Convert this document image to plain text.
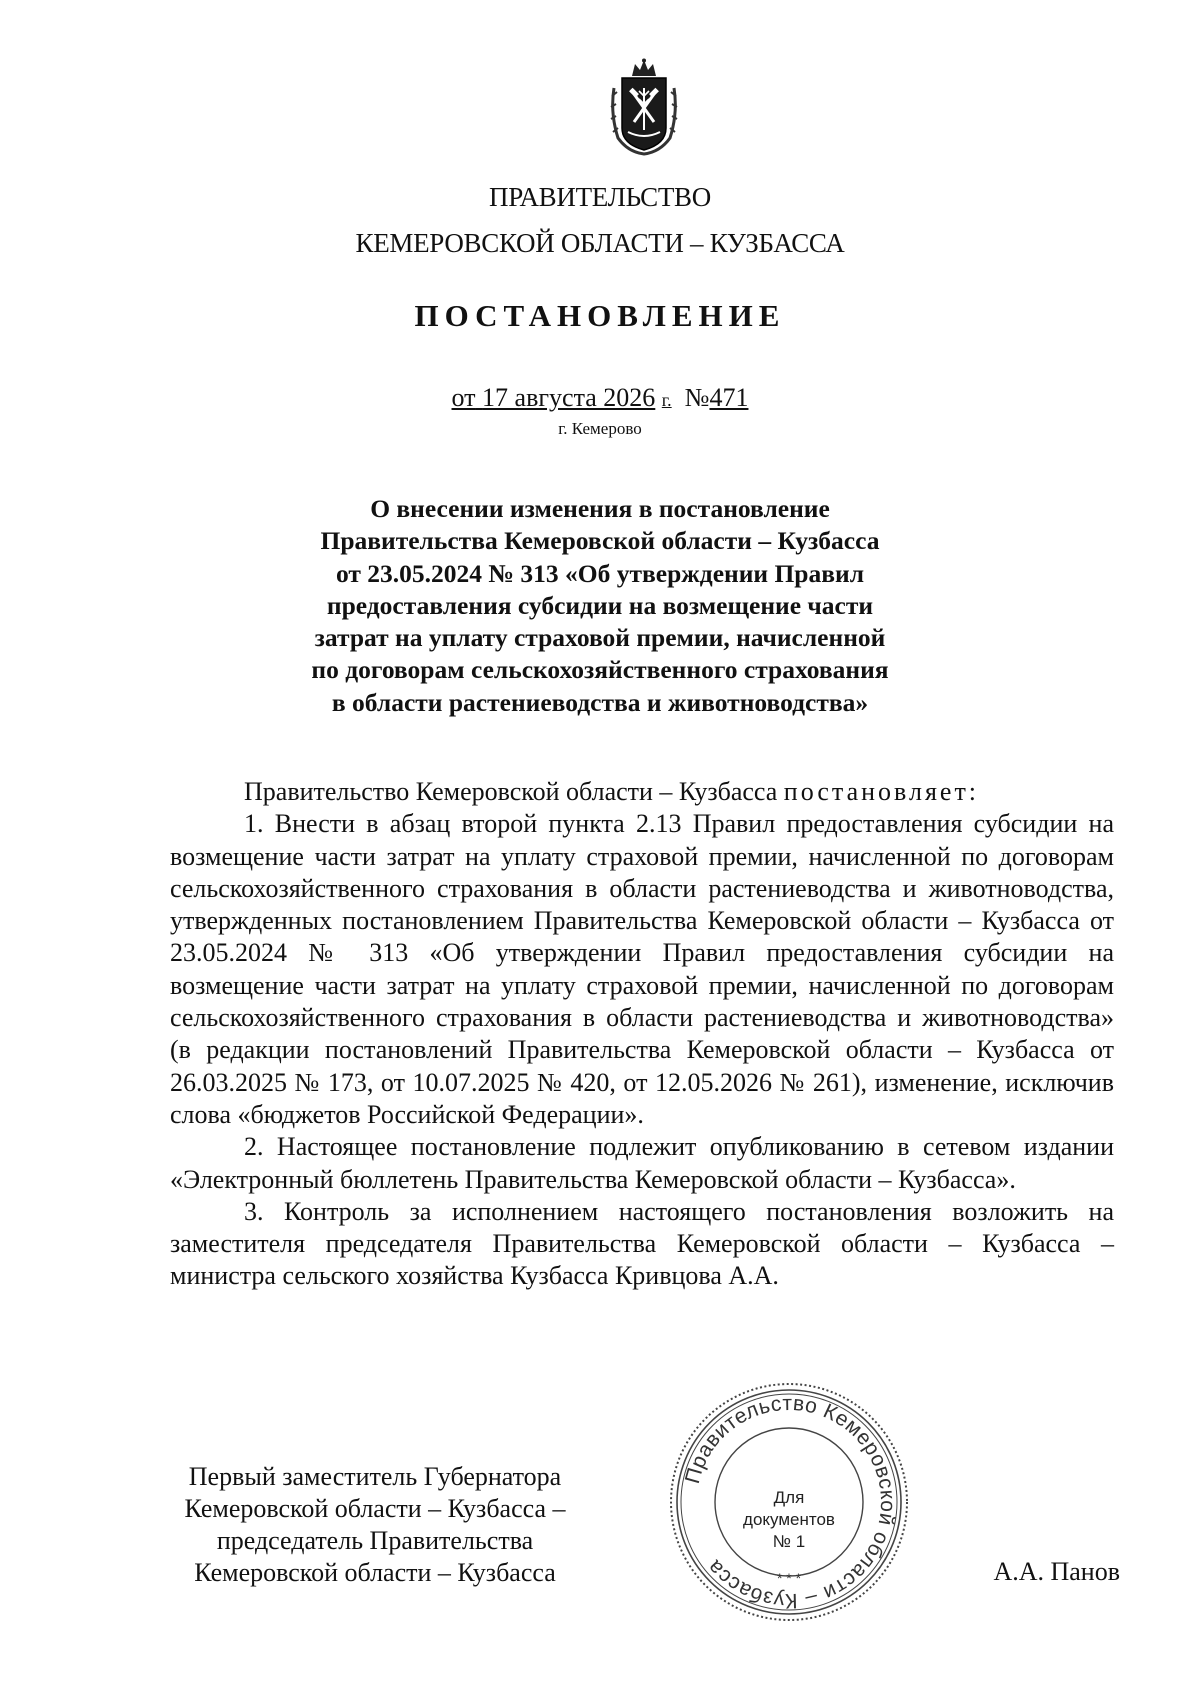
ПРАВИТЕЛЬСТВО
КЕМЕРОВСКОЙ ОБЛАСТИ – КУЗБАССА
ПОСТАНОВЛЕНИЕ
от 17 августа 2026 г. №471
г. Кемерово
О внесении изменения в постановление
Правительства Кемеровской области – Кузбасса
от 23.05.2024 № 313 «Об утверждении Правил
предоставления субсидии на возмещение части
затрат на уплату страховой премии, начисленной
по договорам сельскохозяйственного страхования
в области растениеводства и животноводства»

Правительство Кемеровской области – Кузбасса постановляет:

1. Внести в абзац второй пункта 2.13 Правил предоставления субсидии на возмещение части затрат на уплату страховой премии, начисленной по договорам сельскохозяйственного страхования в области растениеводства и животноводства, утвержденных постановлением Правительства Кемеровской области – Кузбасса от 23.05.2024 № 313 «Об утверждении Правил предоставления субсидии на возмещение части затрат на уплату страховой премии, начисленной по договорам сельскохозяйственного страхования в области растениеводства и животноводства» (в редакции постановлений Правительства Кемеровской области – Кузбасса от 26.03.2025 № 173, от 10.07.2025 № 420, от 12.05.2026 № 261), изменение, исключив слова «бюджетов Российской Федерации».

2. Настоящее постановление подлежит опубликованию в сетевом издании «Электронный бюллетень Правительства Кемеровской области – Кузбасса».

3. Контроль за исполнением настоящего постановления возложить на заместителя председателя Правительства Кемеровской области – Кузбасса – министра сельского хозяйства Кузбасса Кривцова А.А.

Первый заместитель Губернатора
Кемеровской области – Кузбасса –
председатель Правительства
Кемеровской области – Кузбасса	А.А. Панов
Правительство Кемеровской области – Кузбасса	* * *
Для
документов
№ 1
